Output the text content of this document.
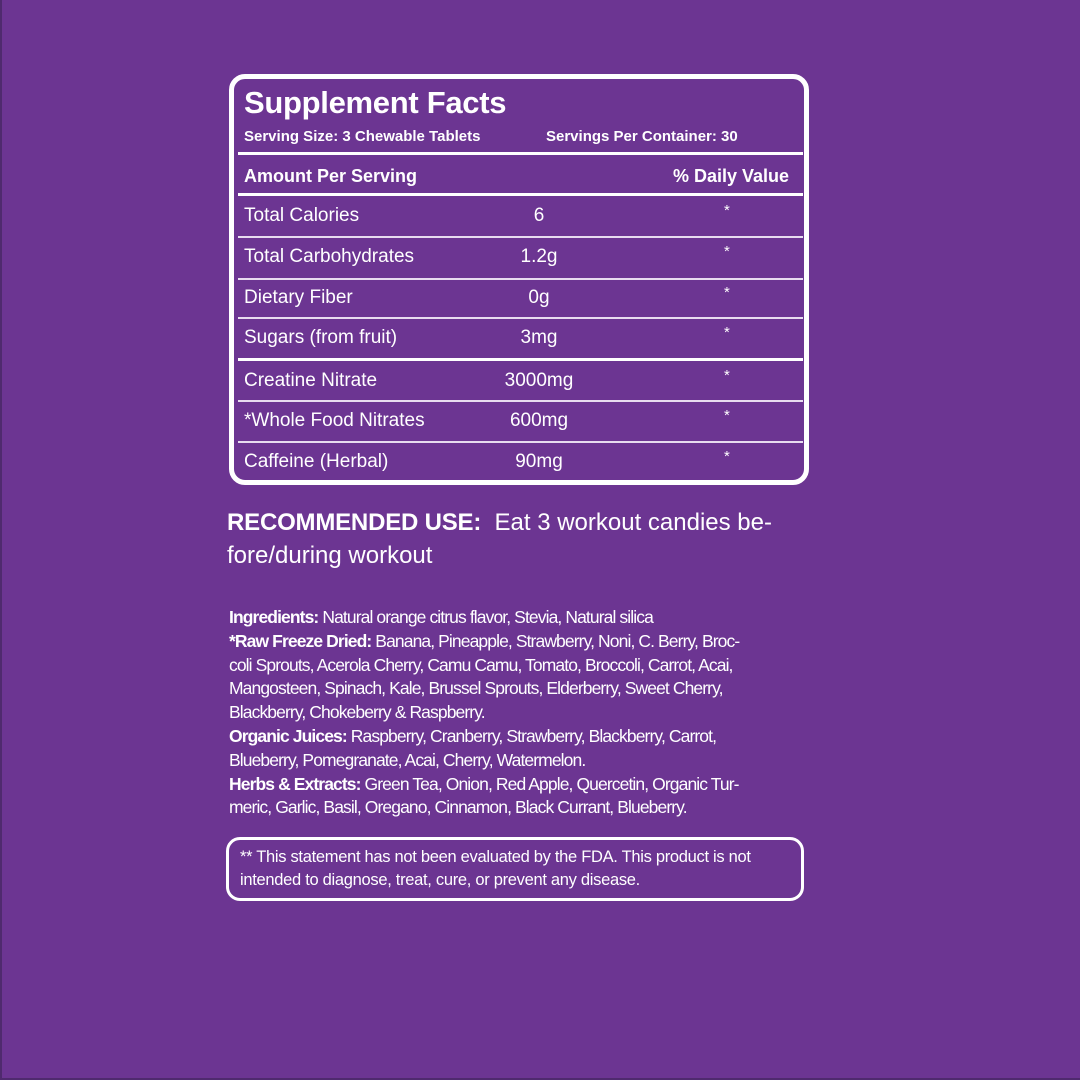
Supplement Facts
Serving Size: 3 Chewable Tablets	Servings Per Container: 30
Amount Per Serving	% Daily Value
Total Calories	6	*
Total Carbohydrates	1.2g	*
Dietary Fiber	0g	*
Sugars (from fruit)	3mg	*
Creatine Nitrate	3000mg	*
*Whole Food Nitrates	600mg	*
Caffeine (Herbal)	90mg	*
RECOMMENDED USE: Eat 3 workout candies be-
fore/during workout
Ingredients: Natural orange citrus flavor, Stevia, Natural silica
*Raw Freeze Dried: Banana, Pineapple, Strawberry, Noni, C. Berry, Broc-
coli Sprouts, Acerola Cherry, Camu Camu, Tomato, Broccoli, Carrot, Acai,
Mangosteen, Spinach, Kale, Brussel Sprouts, Elderberry, Sweet Cherry,
Blackberry, Chokeberry & Raspberry.
Organic Juices: Raspberry, Cranberry, Strawberry, Blackberry, Carrot,
Blueberry, Pomegranate, Acai, Cherry, Watermelon.
Herbs & Extracts: Green Tea, Onion, Red Apple, Quercetin, Organic Tur-
meric, Garlic, Basil, Oregano, Cinnamon, Black Currant, Blueberry.
** This statement has not been evaluated by the FDA. This product is not
intended to diagnose, treat, cure, or prevent any disease.
